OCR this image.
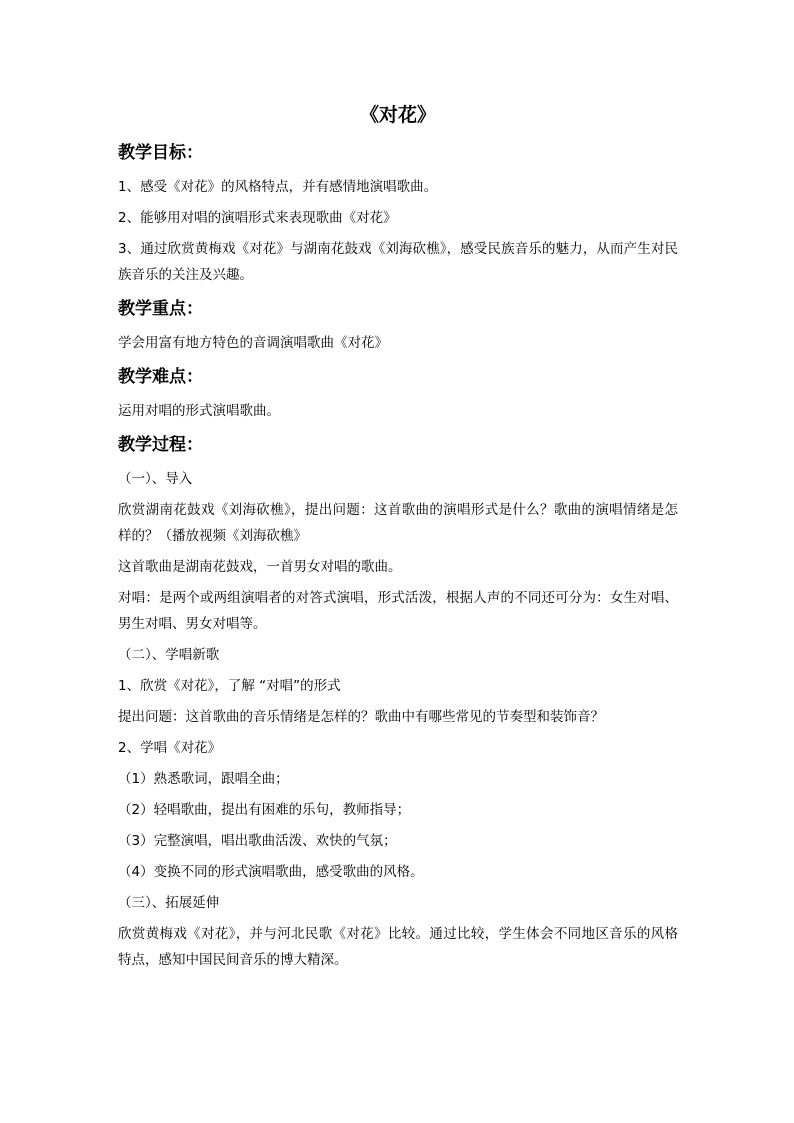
《对花》
教学目标：

1、感受《对花》的风格特点，并有感情地演唱歌曲。

2、能够用对唱的演唱形式来表现歌曲《对花》

3、通过欣赏黄梅戏《对花》与湖南花鼓戏《刘海砍樵》，感受民族音乐的魅力，从而产生对民族音乐的关注及兴趣。

教学重点：

学会用富有地方特色的音调演唱歌曲《对花》

教学难点：

运用对唱的形式演唱歌曲。

教学过程：

（一）、导入

欣赏湖南花鼓戏《刘海砍樵》，提出问题：这首歌曲的演唱形式是什么？歌曲的演唱情绪是怎样的？（播放视频《刘海砍樵》

这首歌曲是湖南花鼓戏，一首男女对唱的歌曲。

对唱：是两个或两组演唱者的对答式演唱，形式活泼，根据人声的不同还可分为：女生对唱、男生对唱、男女对唱等。

（二）、学唱新歌

1、欣赏《对花》，了解 “对唱”的形式

提出问题：这首歌曲的音乐情绪是怎样的？歌曲中有哪些常见的节奏型和装饰音？

2、学唱《对花》

（1）熟悉歌词，跟唱全曲；

（2）轻唱歌曲，提出有困难的乐句，教师指导；

（3）完整演唱，唱出歌曲活泼、欢快的气氛；

（4）变换不同的形式演唱歌曲，感受歌曲的风格。

（三）、拓展延伸

欣赏黄梅戏《对花》，并与河北民歌《对花》比较。通过比较，学生体会不同地区音乐的风格特点，感知中国民间音乐的博大精深。
